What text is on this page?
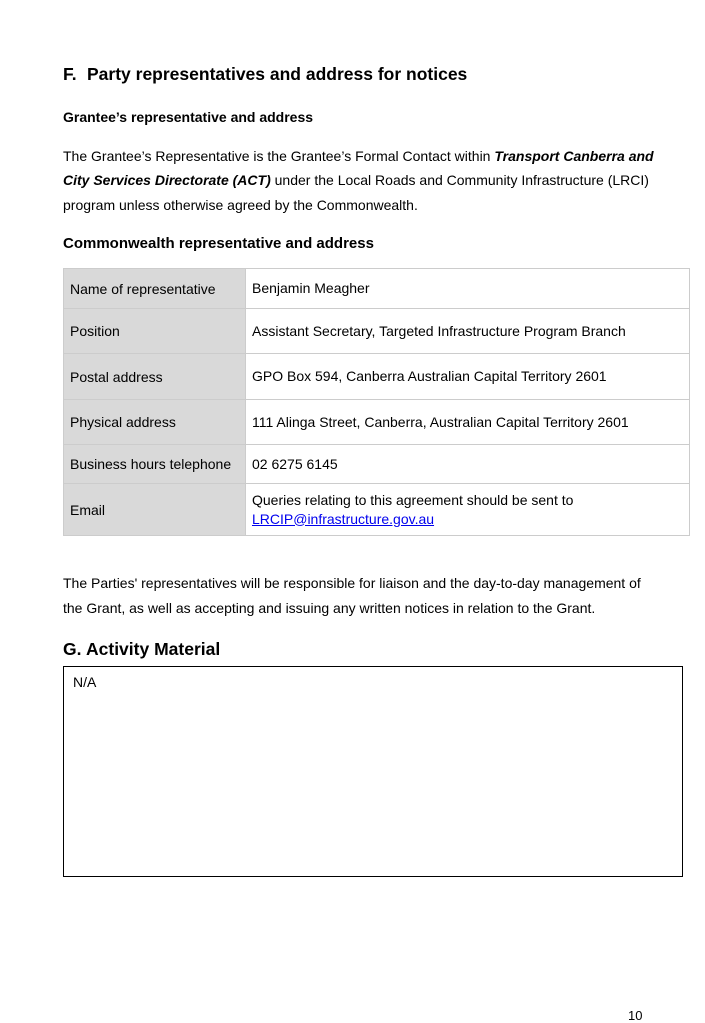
F. Party representatives and address for notices
Grantee’s representative and address
The Grantee’s Representative is the Grantee’s Formal Contact within Transport Canberra and City Services Directorate (ACT) under the Local Roads and Community Infrastructure (LRCI) program unless otherwise agreed by the Commonwealth.
Commonwealth representative and address
Name of representative	Benjamin Meagher
Position	Assistant Secretary, Targeted Infrastructure Program Branch
Postal address	GPO Box 594, Canberra Australian Capital Territory 2601
Physical address	111 Alinga Street, Canberra, Australian Capital Territory 2601
Business hours telephone	02 6275 6145
Email	Queries relating to this agreement should be sent to
LRCIP@infrastructure.gov.au
The Parties' representatives will be responsible for liaison and the day-to-day management of the Grant, as well as accepting and issuing any written notices in relation to the Grant.
G. Activity Material
N/A
10
